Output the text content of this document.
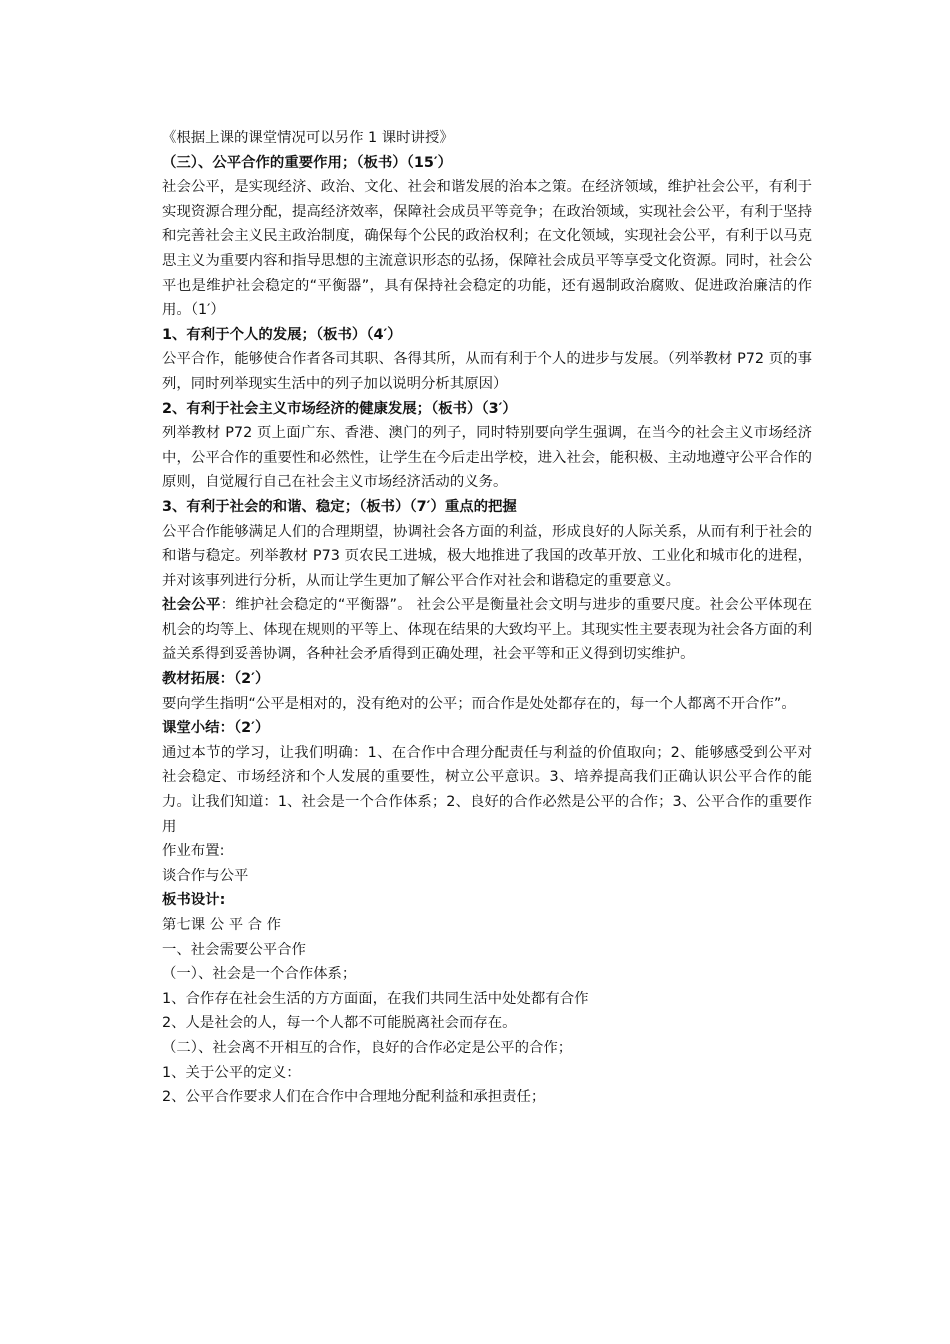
《根据上课的课堂情况可以另作 1 课时讲授》

（三）、公平合作的重要作用；（板书）（15′）

社会公平，是实现经济、政治、文化、社会和谐发展的治本之策。在经济领域，维护社会公平，有利于实现资源合理分配，提高经济效率，保障社会成员平等竞争；在政治领域，实现社会公平，有利于坚持和完善社会主义民主政治制度，确保每个公民的政治权利；在文化领域，实现社会公平，有利于以马克思主义为重要内容和指导思想的主流意识形态的弘扬，保障社会成员平等享受文化资源。同时，社会公平也是维护社会稳定的“平衡器”，具有保持社会稳定的功能，还有遏制政治腐败、促进政治廉洁的作用。（1′）

1、有利于个人的发展；（板书）（4′）

公平合作，能够使合作者各司其职、各得其所，从而有利于个人的进步与发展。（列举教材 P72 页的事列，同时列举现实生活中的列子加以说明分析其原因）

2、有利于社会主义市场经济的健康发展；（板书）（3′）

列举教材 P72 页上面广东、香港、澳门的列子，同时特别要向学生强调，在当今的社会主义市场经济中，公平合作的重要性和必然性，让学生在今后走出学校，进入社会，能积极、主动地遵守公平合作的原则，自觉履行自己在社会主义市场经济活动的义务。

3、有利于社会的和谐、稳定；（板书）（7′）重点的把握

公平合作能够满足人们的合理期望，协调社会各方面的利益，形成良好的人际关系，从而有利于社会的和谐与稳定。列举教材 P73 页农民工进城，极大地推进了我国的改革开放、工业化和城市化的进程，并对该事列进行分析，从而让学生更加了解公平合作对社会和谐稳定的重要意义。

社会公平：维护社会稳定的“平衡器”。 社会公平是衡量社会文明与进步的重要尺度。社会公平体现在机会的均等上、体现在规则的平等上、体现在结果的大致均平上。其现实性主要表现为社会各方面的利益关系得到妥善协调，各种社会矛盾得到正确处理，社会平等和正义得到切实维护。

教材拓展：（2′）

要向学生指明“公平是相对的，没有绝对的公平；而合作是处处都存在的，每一个人都离不开合作”。

课堂小结：（2′）

通过本节的学习，让我们明确：1、在合作中合理分配责任与利益的价值取向；2、能够感受到公平对社会稳定、市场经济和个人发展的重要性，树立公平意识。3、培养提高我们正确认识公平合作的能力。让我们知道：1、社会是一个合作体系；2、良好的合作必然是公平的合作；3、公平合作的重要作用

作业布置:

谈合作与公平

板书设计:

第七课 公 平 合 作

一、社会需要公平合作

（一）、社会是一个合作体系；

1、合作存在社会生活的方方面面，在我们共同生活中处处都有合作

2、人是社会的人，每一个人都不可能脱离社会而存在。

（二）、社会离不开相互的合作，良好的合作必定是公平的合作；

1、关于公平的定义：

2、公平合作要求人们在合作中合理地分配利益和承担责任；
